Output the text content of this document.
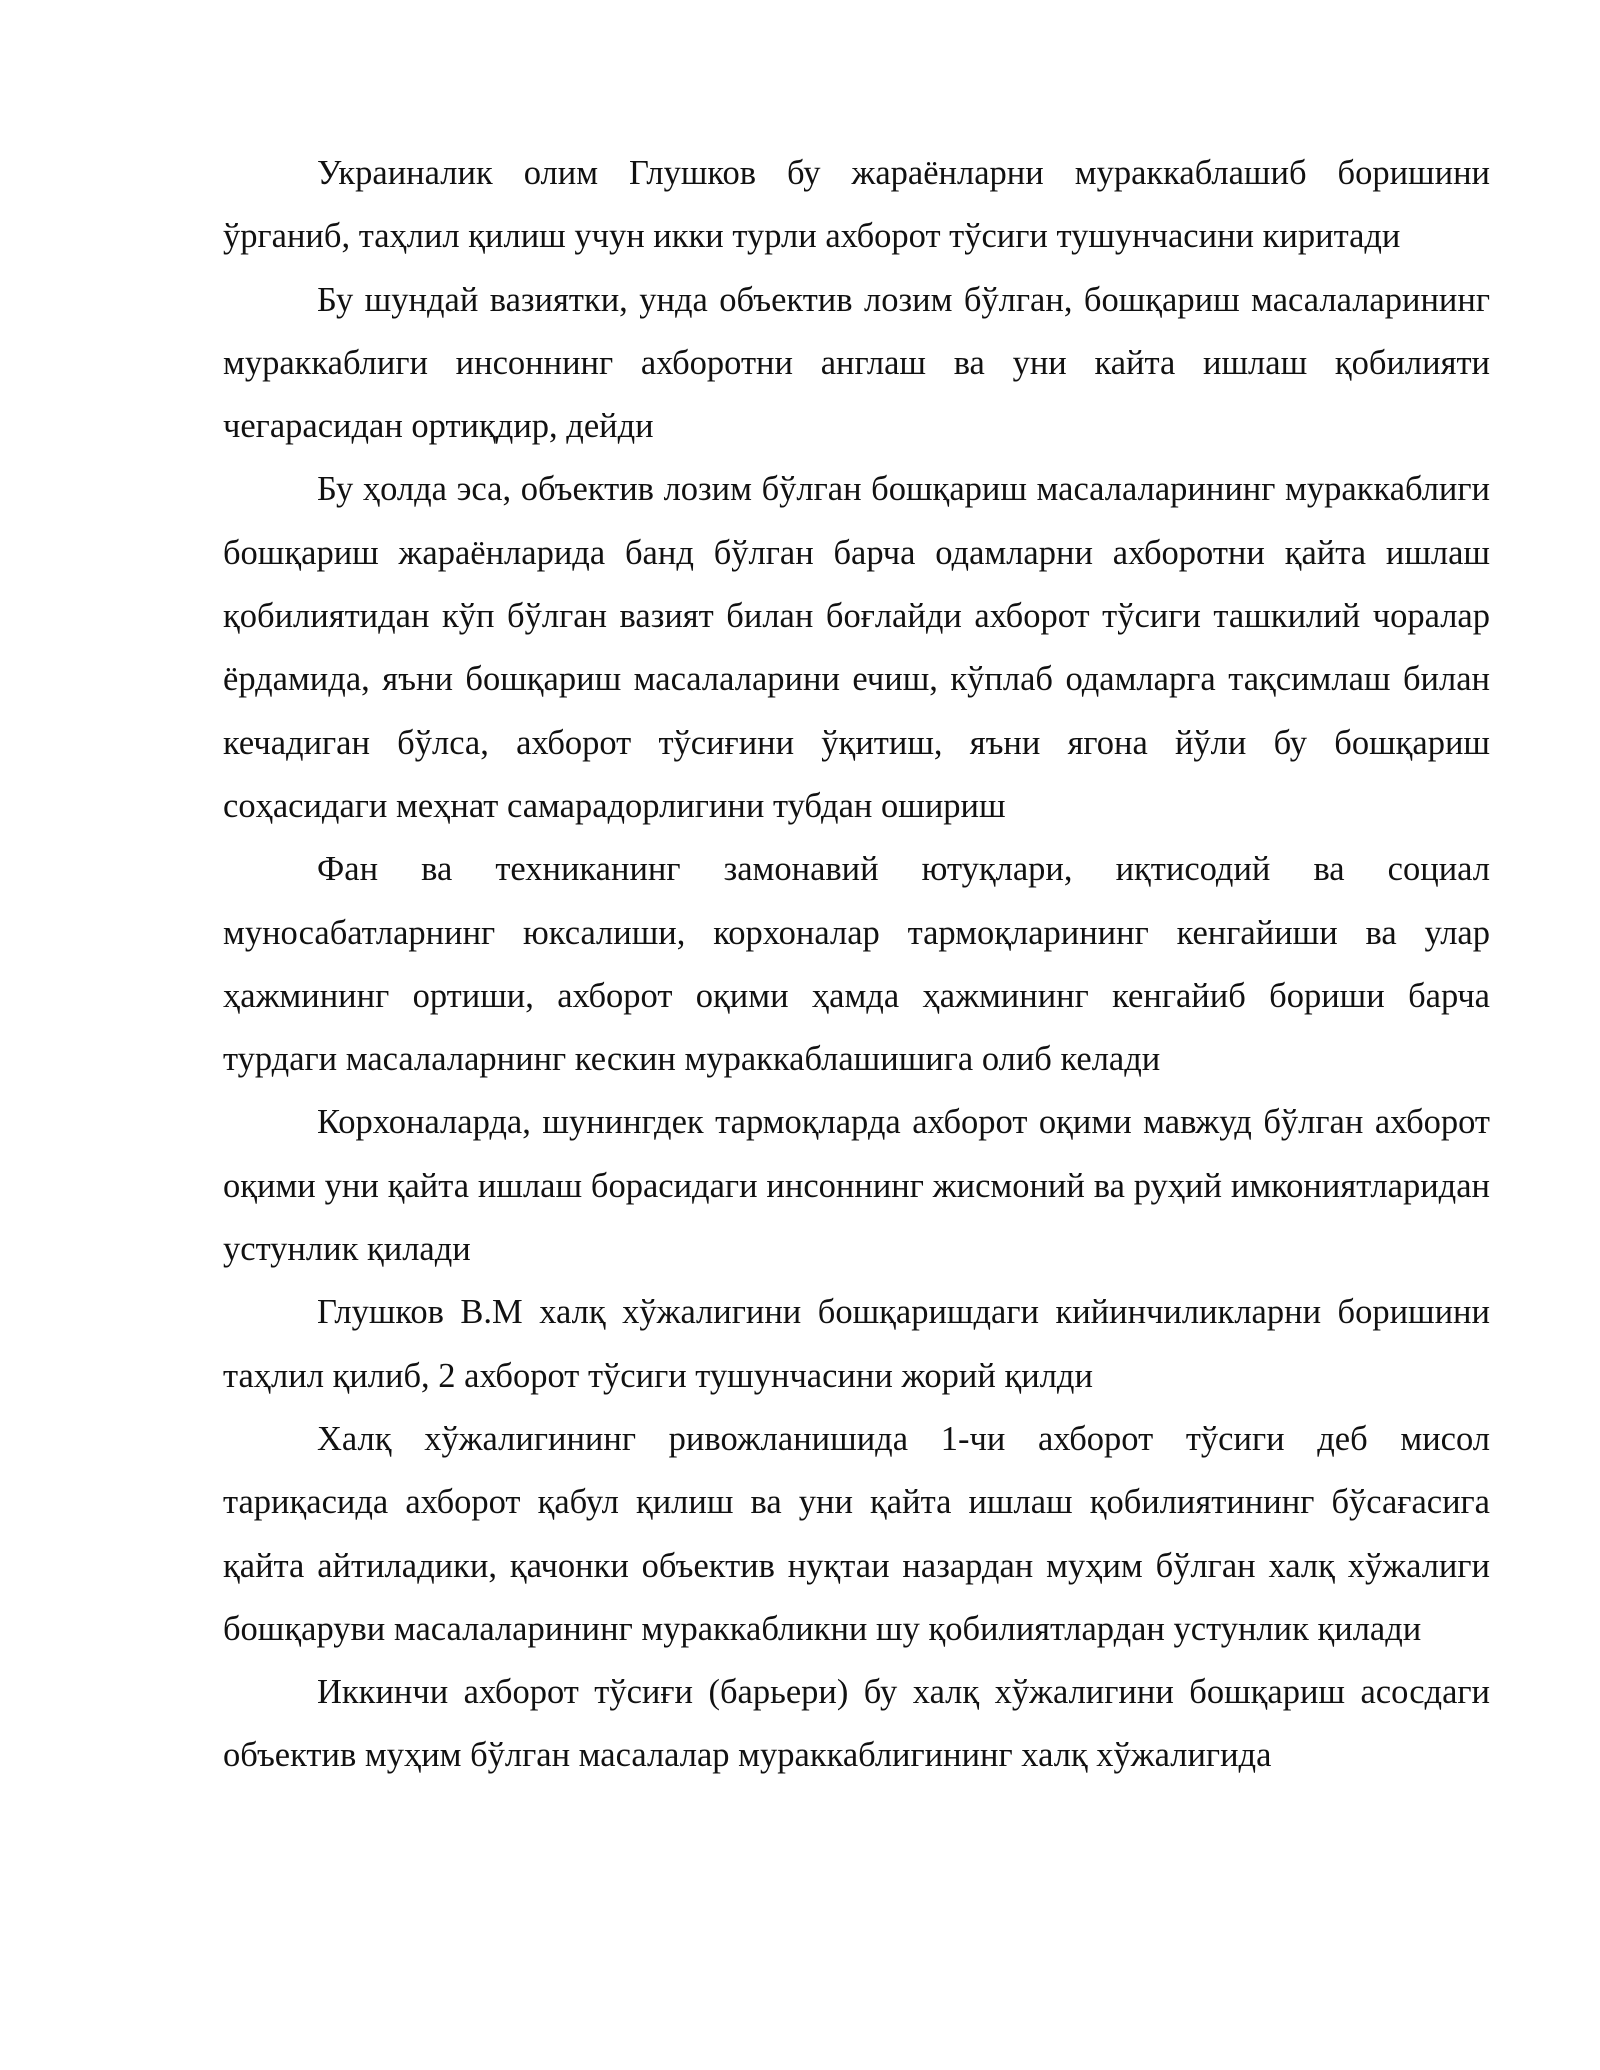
Украиналик олим Глушков бу жараёнларни мураккаблашиб боришини ўрганиб, таҳлил қилиш учун икки турли ахборот тўсиги тушунчасини киритади

Бу шундай вазиятки, унда объектив лозим бўлган, бошқариш масалаларининг мураккаблиги инсоннинг ахборотни англаш ва уни кайта ишлаш қобилияти чегарасидан ортиқдир, дейди

Бу ҳолда эса, объектив лозим бўлган бошқариш масалаларининг мураккаблиги бошқариш жараёнларида банд бўлган барча одамларни ахборотни қайта ишлаш қобилиятидан кўп бўлган вазият билан боғлайди ахборот тўсиги ташкилий чоралар ёрдамида, яъни бошқариш масалаларини ечиш, кўплаб одамларга тақсимлаш билан кечадиган бўлса, ахборот тўсиғини ўқитиш, яъни ягона йўли бу бошқариш соҳасидаги меҳнат самарадорлигини тубдан ошириш

Фан ва техниканинг замонавий ютуқлари, иқтисодий ва социал муносабатларнинг юксалиши, корхоналар тармоқларининг кенгайиши ва улар ҳажмининг ортиши, ахборот оқими ҳамда ҳажмининг кенгайиб бориши барча турдаги масалаларнинг кескин мураккаблашишига олиб келади

Корхоналарда, шунингдек тармоқларда ахборот оқими мавжуд бўлган ахборот оқими уни қайта ишлаш борасидаги инсоннинг жисмоний ва руҳий имкониятларидан устунлик қилади

Глушков В.М халқ хўжалигини бошқаришдаги кийинчиликларни боришини таҳлил қилиб, 2 ахборот тўсиги тушунчасини жорий қилди

Халқ хўжалигининг ривожланишида 1-чи ахборот тўсиги деб мисол тариқасида ахборот қабул қилиш ва уни қайта ишлаш қобилиятининг бўсағасига қайта айтиладики, қачонки объектив нуқтаи назардан муҳим бўлган халқ хўжалиги бошқаруви масалаларининг мураккабликни шу қобилиятлардан устунлик қилади

Иккинчи ахборот тўсиғи (барьери) бу халқ хўжалигини бошқариш асосдаги объектив муҳим бўлган масалалар мураккаблигининг халқ хўжалигида
